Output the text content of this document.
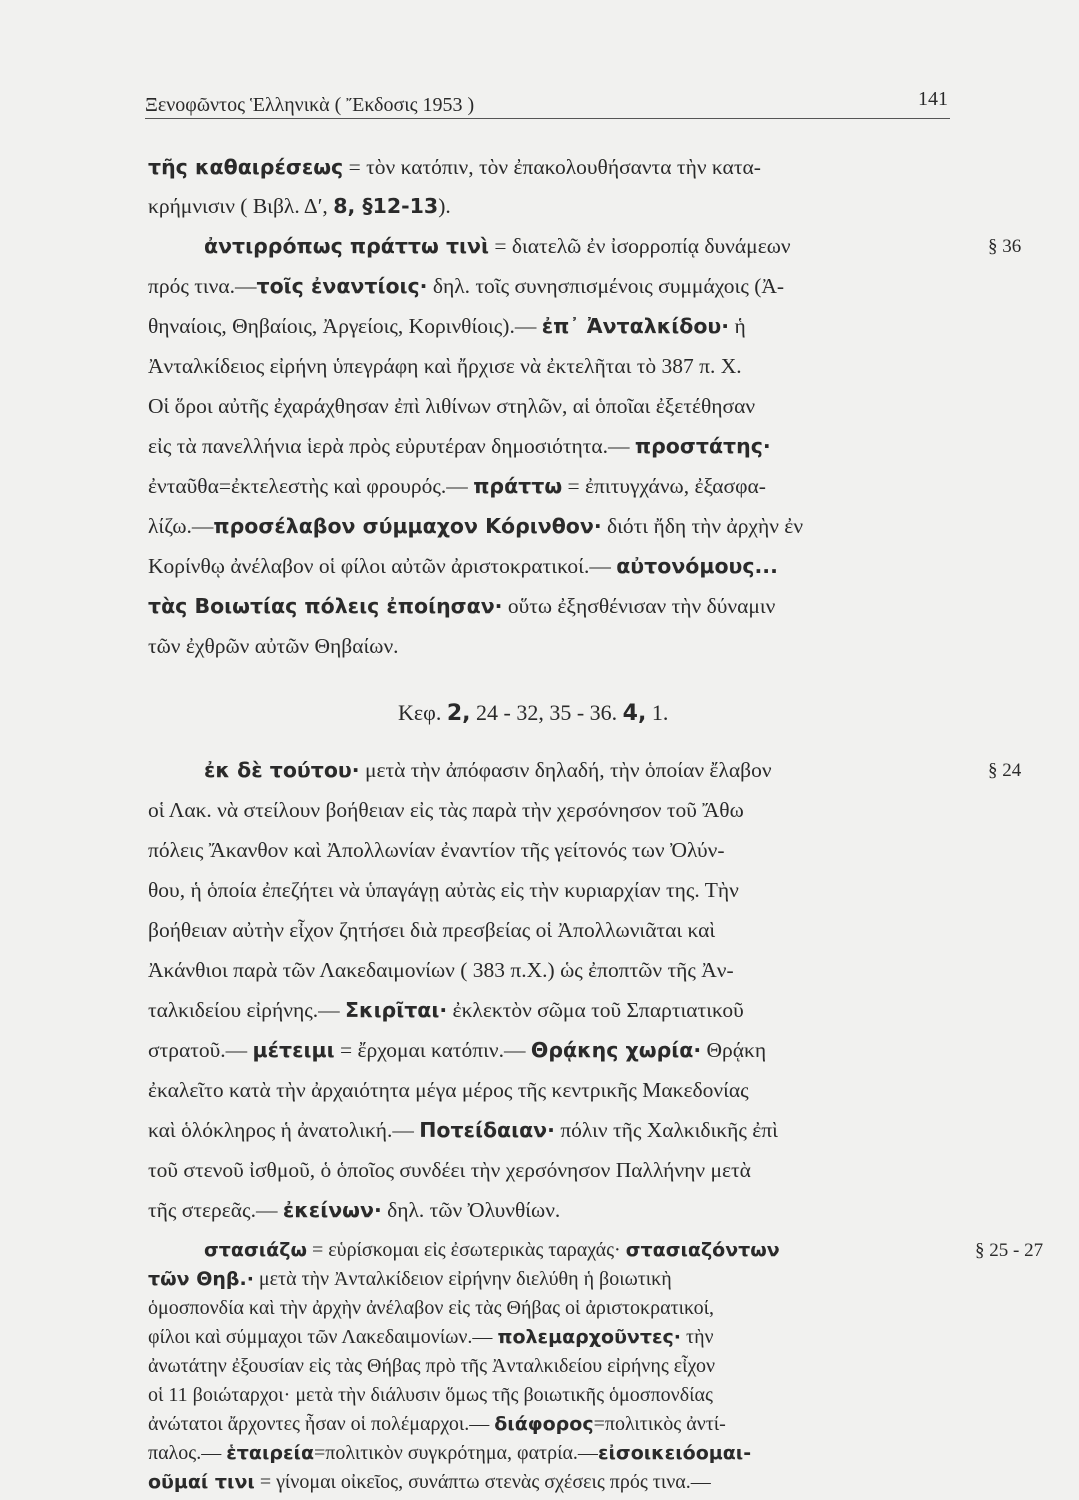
Ξενοφῶντος Ἑλληνικὰ ( Ἔκδοσις 1953 )	141
τῆς καθαιρέσεως = τὸν κατόπιν, τὸν ἐπακολουθήσαντα τὴν κατα-
κρήμνισιν ( Βιβλ. Δ′, 8, §12-13).
ἀντιρρόπως πράττω τινὶ = διατελῶ ἐν ἰσορροπίᾳ δυνάμεων	§ 36
πρός τινα.—τοῖς ἐναντίοις· δηλ. τοῖς συνησπισμένοις συμμάχοις (Ἀ-
θηναίοις, Θηβαίοις, Ἀργείοις, Κορινθίοις).— ἐπ᾽ Ἀνταλκίδου· ἡ
Ἀνταλκίδειος εἰρήνη ὑπεγράφη καὶ ἤρχισε νὰ ἐκτελῆται τὸ 387 π. Χ.
Οἱ ὅροι αὐτῆς ἐχαράχθησαν ἐπὶ λιθίνων στηλῶν, αἱ ὁποῖαι ἐξετέθησαν
εἰς τὰ πανελλήνια ἱερὰ πρὸς εὐρυτέραν δημοσιότητα.— προστάτης·
ἐνταῦθα=ἐκτελεστὴς καὶ φρουρός.— πράττω = ἐπιτυγχάνω, ἐξασφα-
λίζω.—προσέλαβον σύμμαχον Κόρινθον· διότι ἤδη τὴν ἀρχὴν ἐν
Κορίνθῳ ἀνέλαβον οἱ φίλοι αὐτῶν ἀριστοκρατικοί.— αὐτονόμους...
τὰς Βοιωτίας πόλεις ἐποίησαν· οὕτω ἐξησθένισαν τὴν δύναμιν
τῶν ἐχθρῶν αὐτῶν Θηβαίων.
Κεφ. 2, 24 - 32, 35 - 36. 4, 1.
ἐκ δὲ τούτου· μετὰ τὴν ἀπόφασιν δηλαδή, τὴν ὁποίαν ἔλαβον	§ 24
οἱ Λακ. νὰ στείλουν βοήθειαν εἰς τὰς παρὰ τὴν χερσόνησον τοῦ Ἄθω
πόλεις Ἄκανθον καὶ Ἀπολλωνίαν ἐναντίον τῆς γείτονός των Ὀλύν-
θου, ἡ ὁποία ἐπεζήτει νὰ ὑπαγάγῃ αὐτὰς εἰς τὴν κυριαρχίαν της. Τὴν
βοήθειαν αὐτὴν εἶχον ζητήσει διὰ πρεσβείας οἱ Ἀπολλωνιᾶται καὶ
Ἀκάνθιοι παρὰ τῶν Λακεδαιμονίων ( 383 π.Χ.) ὡς ἐποπτῶν τῆς Ἀν-
ταλκιδείου εἰρήνης.— Σκιρῖται· ἐκλεκτὸν σῶμα τοῦ Σπαρτιατικοῦ
στρατοῦ.— μέτειμι = ἔρχομαι κατόπιν.— Θρᾴκης χωρία· Θρᾴκη
ἐκαλεῖτο κατὰ τὴν ἀρχαιότητα μέγα μέρος τῆς κεντρικῆς Μακεδονίας
καὶ ὁλόκληρος ἡ ἀνατολική.— Ποτείδαιαν· πόλιν τῆς Χαλκιδικῆς ἐπὶ
τοῦ στενοῦ ἰσθμοῦ, ὁ ὁποῖος συνδέει τὴν χερσόνησον Παλλήνην μετὰ
τῆς στερεᾶς.— ἐκείνων· δηλ. τῶν Ὀλυνθίων.
§ 25 - 27
στασιάζω = εὑρίσκομαι εἰς ἐσωτερικὰς ταραχάς· στασιαζόντων
τῶν Θηβ.· μετὰ τὴν Ἀνταλκίδειον εἰρήνην διελύθη ἡ βοιωτικὴ
ὁμοσπονδία καὶ τὴν ἀρχὴν ἀνέλαβον εἰς τὰς Θήβας οἱ ἀριστοκρατικοί,
φίλοι καὶ σύμμαχοι τῶν Λακεδαιμονίων.— πολεμαρχοῦντες· τὴν
ἀνωτάτην ἐξουσίαν εἰς τὰς Θήβας πρὸ τῆς Ἀνταλκιδείου εἰρήνης εἶχον
οἱ 11 βοιώταρχοι· μετὰ τὴν διάλυσιν ὅμως τῆς βοιωτικῆς ὁμοσπονδίας
ἀνώτατοι ἄρχοντες ἦσαν οἱ πολέμαρχοι.— διάφορος=πολιτικὸς ἀντί-
παλος.— ἑταιρεία=πολιτικὸν συγκρότημα, φατρία.—εἰσοικειόομαι-
οῦμαί τινι = γίνομαι οἰκεῖος, συνάπτω στενὰς σχέσεις πρός τινα.—
